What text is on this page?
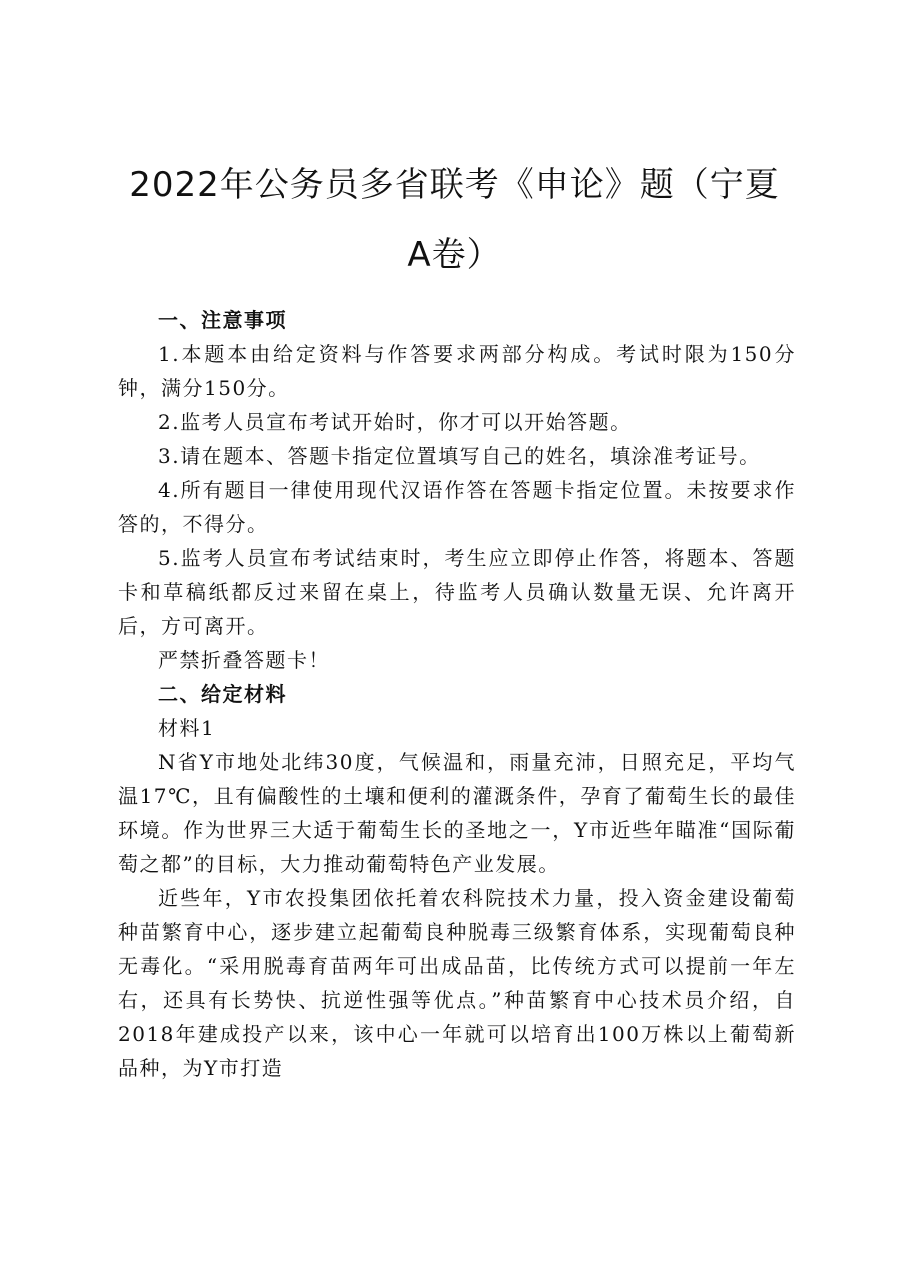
2022年公务员多省联考《申论》题（宁夏A卷）

一、注意事项

1.本题本由给定资料与作答要求两部分构成。考试时限为150分钟，满分150分。

2.监考人员宣布考试开始时，你才可以开始答题。

3.请在题本、答题卡指定位置填写自己的姓名，填涂准考证号。

4.所有题目一律使用现代汉语作答在答题卡指定位置。未按要求作答的，不得分。

5.监考人员宣布考试结束时，考生应立即停止作答，将题本、答题卡和草稿纸都反过来留在桌上，待监考人员确认数量无误、允许离开后，方可离开。

严禁折叠答题卡！

二、给定材料

材料1

N省Y市地处北纬30度，气候温和，雨量充沛，日照充足，平均气温17℃，且有偏酸性的土壤和便利的灌溉条件，孕育了葡萄生长的最佳环境。作为世界三大适于葡萄生长的圣地之一，Y市近些年瞄准“国际葡萄之都”的目标，大力推动葡萄特色产业发展。

近些年，Y市农投集团依托着农科院技术力量，投入资金建设葡萄种苗繁育中心，逐步建立起葡萄良种脱毒三级繁育体系，实现葡萄良种无毒化。“采用脱毒育苗两年可出成品苗，比传统方式可以提前一年左右，还具有长势快、抗逆性强等优点。”种苗繁育中心技术员介绍，自2018年建成投产以来，该中心一年就可以培育出100万株以上葡萄新品种，为Y市打造
